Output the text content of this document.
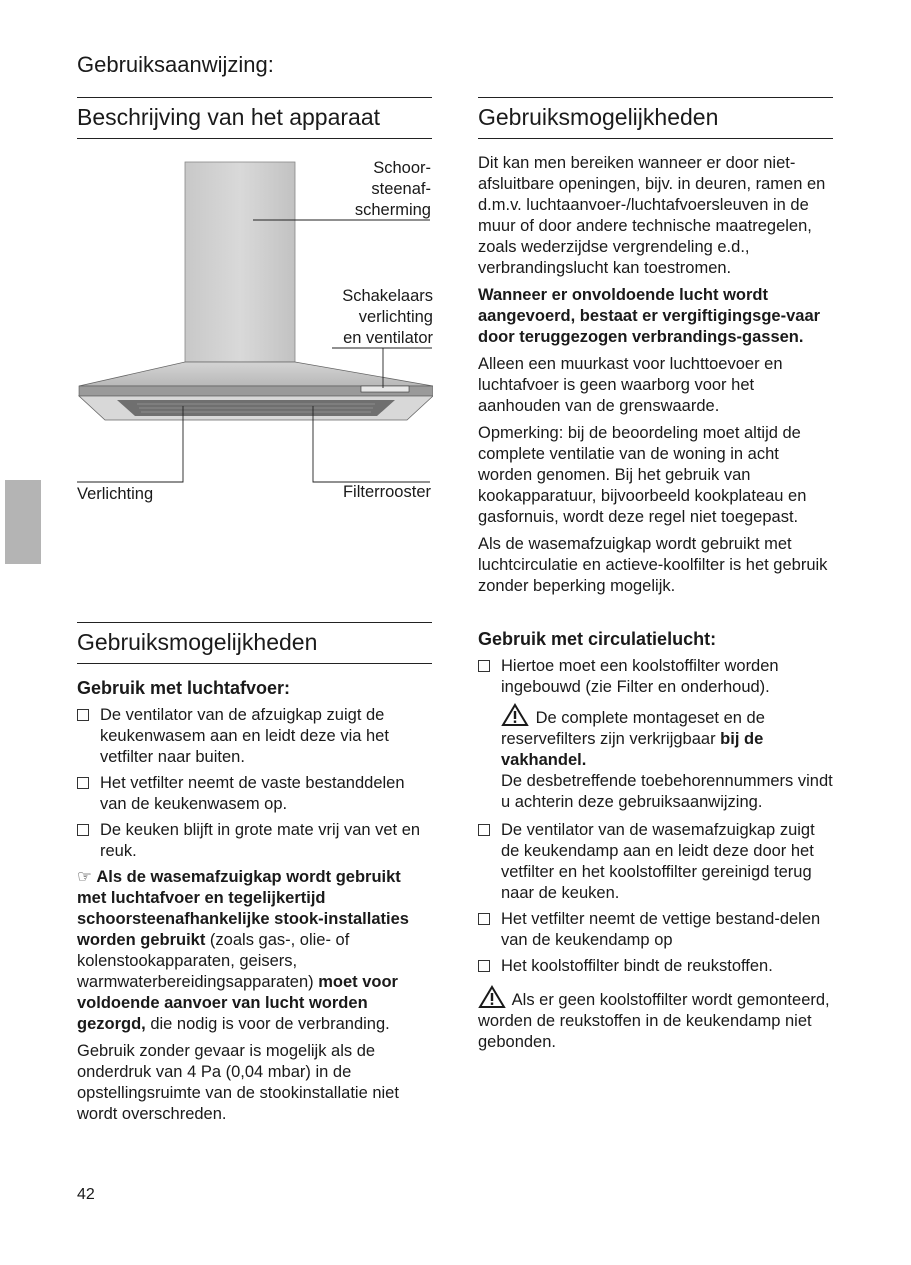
Gebruiksaanwijzing:
Beschrijving van het apparaat
Schoor-
steenaf-
scherming
Schakelaars
verlichting
en ventilator
Verlichting	Filterrooster
Gebruiksmogelijkheden
Gebruik met luchtafvoer:
De ventilator van de afzuigkap zuigt de keukenwasem aan en leidt deze via het vetfilter naar buiten.
Het vetfilter neemt de vaste bestanddelen van de keukenwasem op.
De keuken blijft in grote mate vrij van vet en reuk.

☞ Als de wasemafzuigkap wordt gebruikt met luchtafvoer en tegelijkertijd schoorsteenafhankelijke stook-installaties worden gebruikt (zoals gas-, olie- of kolenstookapparaten, geisers, warmwaterbereidingsapparaten) moet voor voldoende aanvoer van lucht worden gezorgd, die nodig is voor de verbranding.

Gebruik zonder gevaar is mogelijk als de onderdruk van 4 Pa (0,04 mbar) in de opstellingsruimte van de stookinstallatie niet wordt overschreden.

Gebruiksmogelijkheden

Dit kan men bereiken wanneer er door niet-afsluitbare openingen, bijv. in deuren, ramen en d.m.v. luchtaanvoer-/luchtafvoersleuven in de muur of door andere technische maatregelen, zoals wederzijdse vergrendeling e.d., verbrandingslucht kan toestromen.

Wanneer er onvoldoende lucht wordt aangevoerd, bestaat er vergiftigingsge-vaar door teruggezogen verbrandings-gassen.

Alleen een muurkast voor luchttoevoer en luchtafvoer is geen waarborg voor het aanhouden van de grenswaarde.

Opmerking: bij de beoordeling moet altijd de complete ventilatie van de woning in acht worden genomen. Bij het gebruik van kookapparatuur, bijvoorbeeld kookplateau en gasfornuis, wordt deze regel niet toegepast.

Als de wasemafzuigkap wordt gebruikt met luchtcirculatie en actieve-koolfilter is het gebruik zonder beperking mogelijk.

Gebruik met circulatielucht:
Hiertoe moet een koolstoffilter worden ingebouwd (zie Filter en onderhoud).

De complete montageset en de reservefilters zijn verkrijgbaar bij de vakhandel.

De desbetreffende toebehorennummers vindt u achterin deze gebruiksaanwijzing.

De ventilator van de wasemafzuigkap zuigt de keukendamp aan en leidt deze door het vetfilter en het koolstoffilter gereinigd terug naar de keuken.
Het vetfilter neemt de vettige bestand-delen van de keukendamp op
Het koolstoffilter bindt de reukstoffen.

Als er geen koolstoffilter wordt gemonteerd, worden de reukstoffen in de keukendamp niet gebonden.

42
